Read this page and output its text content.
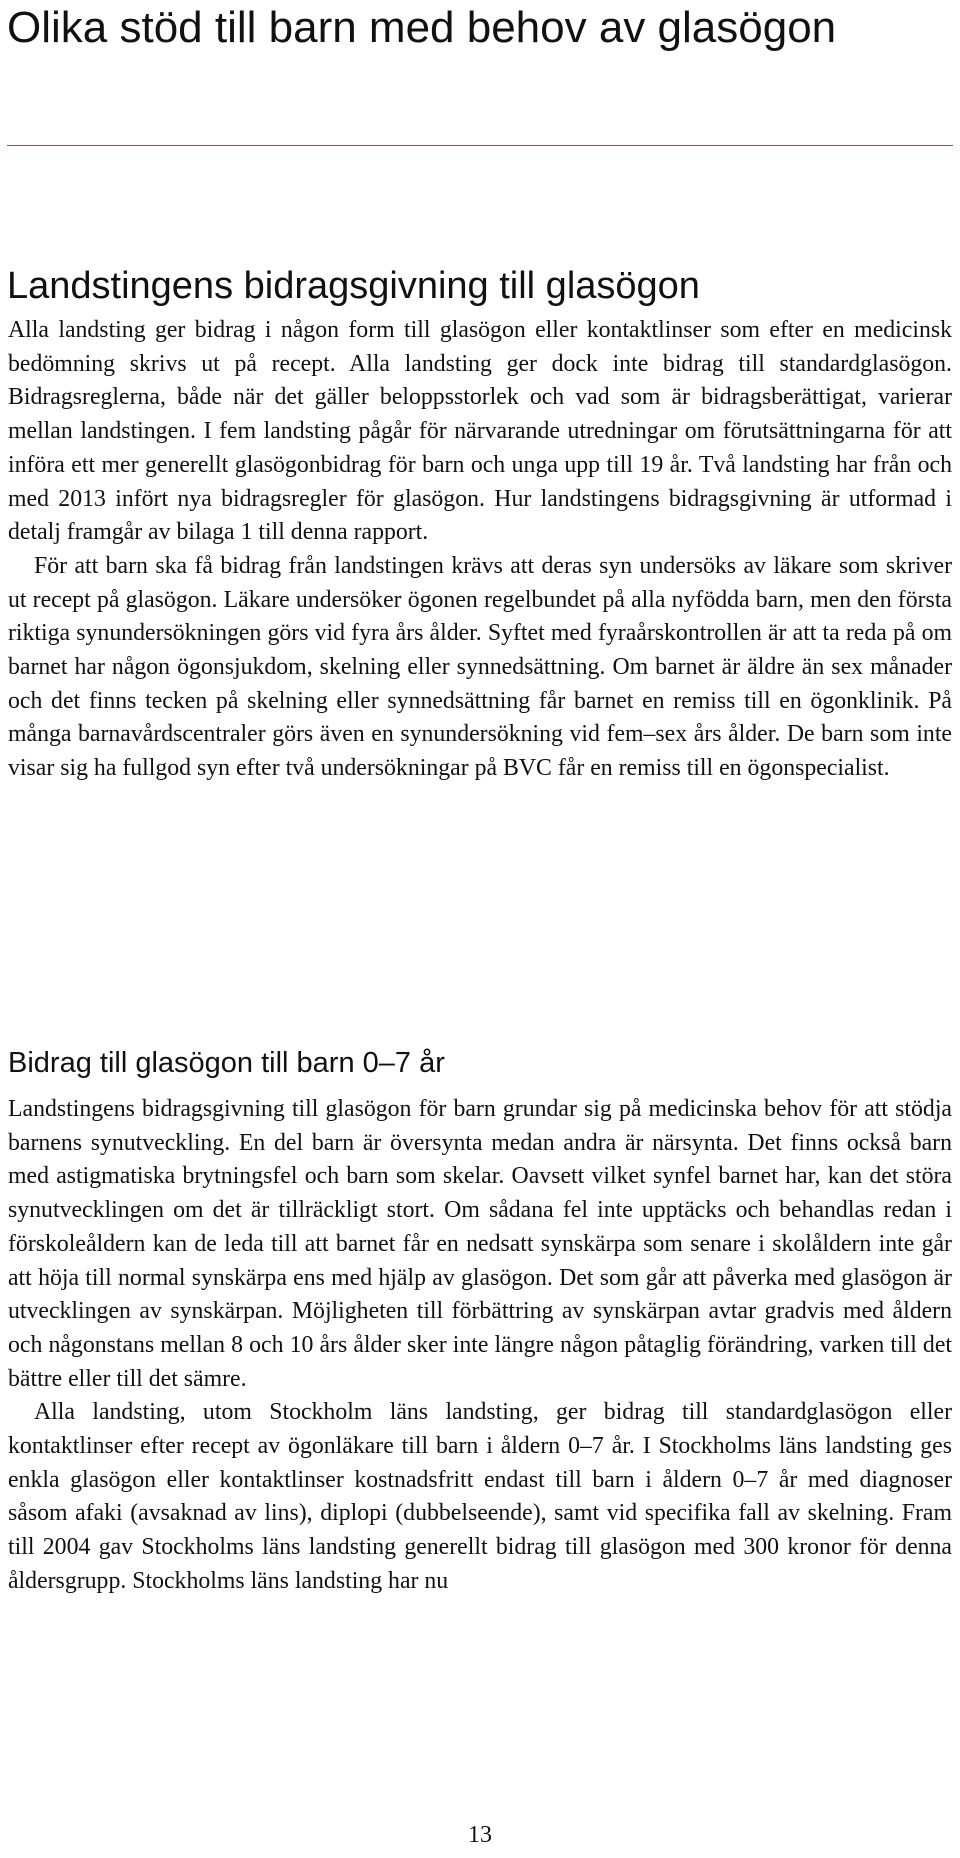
Olika stöd till barn med behov av glasögon
Landstingens bidragsgivning till glasögon

Alla landsting ger bidrag i någon form till glasögon eller kontaktlinser som efter en medicinsk bedömning skrivs ut på recept. Alla landsting ger dock inte bidrag till standardglasögon. Bidragsreglerna, både när det gäller beloppsstorlek och vad som är bidragsberättigat, varierar mellan landstingen. I fem landsting pågår för närvarande utredningar om förutsättningarna för att införa ett mer generellt glasögonbidrag för barn och unga upp till 19 år. Två landsting har från och med 2013 infört nya bidragsregler för glasögon. Hur landstingens bidragsgivning är utformad i detalj framgår av bilaga 1 till denna rapport.

För att barn ska få bidrag från landstingen krävs att deras syn undersöks av läkare som skriver ut recept på glasögon. Läkare undersöker ögonen regelbundet på alla nyfödda barn, men den första riktiga synundersökningen görs vid fyra års ålder. Syftet med fyraårskontrollen är att ta reda på om barnet har någon ögonsjukdom, skelning eller synnedsättning. Om barnet är äldre än sex månader och det finns tecken på skelning eller synnedsättning får barnet en remiss till en ögonklinik. På många barnavårdscentraler görs även en synundersökning vid fem–sex års ålder. De barn som inte visar sig ha fullgod syn efter två undersökningar på BVC får en remiss till en ögonspecialist.

Bidrag till glasögon till barn 0–7 år

Landstingens bidragsgivning till glasögon för barn grundar sig på medicinska behov för att stödja barnens synutveckling. En del barn är översynta medan andra är närsynta. Det finns också barn med astigmatiska brytningsfel och barn som skelar. Oavsett vilket synfel barnet har, kan det störa synutvecklingen om det är tillräckligt stort. Om sådana fel inte upptäcks och behandlas redan i förskoleåldern kan de leda till att barnet får en nedsatt synskärpa som senare i skolåldern inte går att höja till normal synskärpa ens med hjälp av glasögon. Det som går att påverka med glasögon är utvecklingen av synskärpan. Möjligheten till förbättring av synskärpan avtar gradvis med åldern och någonstans mellan 8 och 10 års ålder sker inte längre någon påtaglig förändring, varken till det bättre eller till det sämre.

Alla landsting, utom Stockholm läns landsting, ger bidrag till standardglasögon eller kontaktlinser efter recept av ögonläkare till barn i åldern 0–7 år. I Stockholms läns landsting ges enkla glasögon eller kontaktlinser kostnadsfritt endast till barn i åldern 0–7 år med diagnoser såsom afaki (avsaknad av lins), diplopi (dubbelseende), samt vid specifika fall av skelning. Fram till 2004 gav Stockholms läns landsting generellt bidrag till glasögon med 300 kronor för denna åldersgrupp. Stockholms läns landsting har nu

13
